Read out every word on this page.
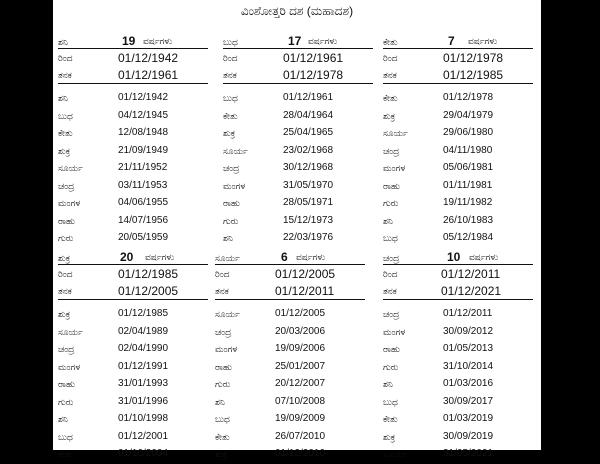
ವಿಂಶೋತ್ತರಿ ದಶ (ಮಹಾದಶ)
ಶನಿ	19 ವರ್ಷಗಳು
ರಿಂದ	01/12/1942
ತನಕ	01/12/1961
ಶನಿ	01/12/1942
ಬುಧ	04/12/1945
ಕೇತು	12/08/1948
ಶುಕ್ರ	21/09/1949
ಸೂರ್ಯ	21/11/1952
ಚಂದ್ರ	03/11/1953
ಮಂಗಳ	04/06/1955
ರಾಹು	14/07/1956
ಗುರು	20/05/1959
ಬುಧ	17 ವರ್ಷಗಳು
ರಿಂದ	01/12/1961
ತನಕ	01/12/1978
ಬುಧ	01/12/1961
ಕೇತು	28/04/1964
ಶುಕ್ರ	25/04/1965
ಸೂರ್ಯ	23/02/1968
ಚಂದ್ರ	30/12/1968
ಮಂಗಳ	31/05/1970
ರಾಹು	28/05/1971
ಗುರು	15/12/1973
ಶನಿ	22/03/1976
ಕೇತು	7 ವರ್ಷಗಳು
ರಿಂದ	01/12/1978
ತನಕ	01/12/1985
ಕೇತು	01/12/1978
ಶುಕ್ರ	29/04/1979
ಸೂರ್ಯ	29/06/1980
ಚಂದ್ರ	04/11/1980
ಮಂಗಳ	05/06/1981
ರಾಹು	01/11/1981
ಗುರು	19/11/1982
ಶನಿ	26/10/1983
ಬುಧ	05/12/1984
ಶುಕ್ರ	20 ವರ್ಷಗಳು
ರಿಂದ	01/12/1985
ತನಕ	01/12/2005
ಶುಕ್ರ	01/12/1985
ಸೂರ್ಯ	02/04/1989
ಚಂದ್ರ	02/04/1990
ಮಂಗಳ	01/12/1991
ರಾಹು	31/01/1993
ಗುರು	31/01/1996
ಶನಿ	01/10/1998
ಬುಧ	01/12/2001
ಕೇತು	01/10/2004
ಸೂರ್ಯ	6 ವರ್ಷಗಳು
ರಿಂದ	01/12/2005
ತನಕ	01/12/2011
ಸೂರ್ಯ	01/12/2005
ಚಂದ್ರ	20/03/2006
ಮಂಗಳ	19/09/2006
ರಾಹು	25/01/2007
ಗುರು	20/12/2007
ಶನಿ	07/10/2008
ಬುಧ	19/09/2009
ಕೇತು	26/07/2010
ಶುಕ್ರ	01/12/2010
ಚಂದ್ರ	10 ವರ್ಷಗಳು
ರಿಂದ	01/12/2011
ತನಕ	01/12/2021
ಚಂದ್ರ	01/12/2011
ಮಂಗಳ	30/09/2012
ರಾಹು	01/05/2013
ಗುರು	31/10/2014
ಶನಿ	01/03/2016
ಬುಧ	30/09/2017
ಕೇತು	01/03/2019
ಶುಕ್ರ	30/09/2019
ಸೂರ್ಯ	31/05/2021
